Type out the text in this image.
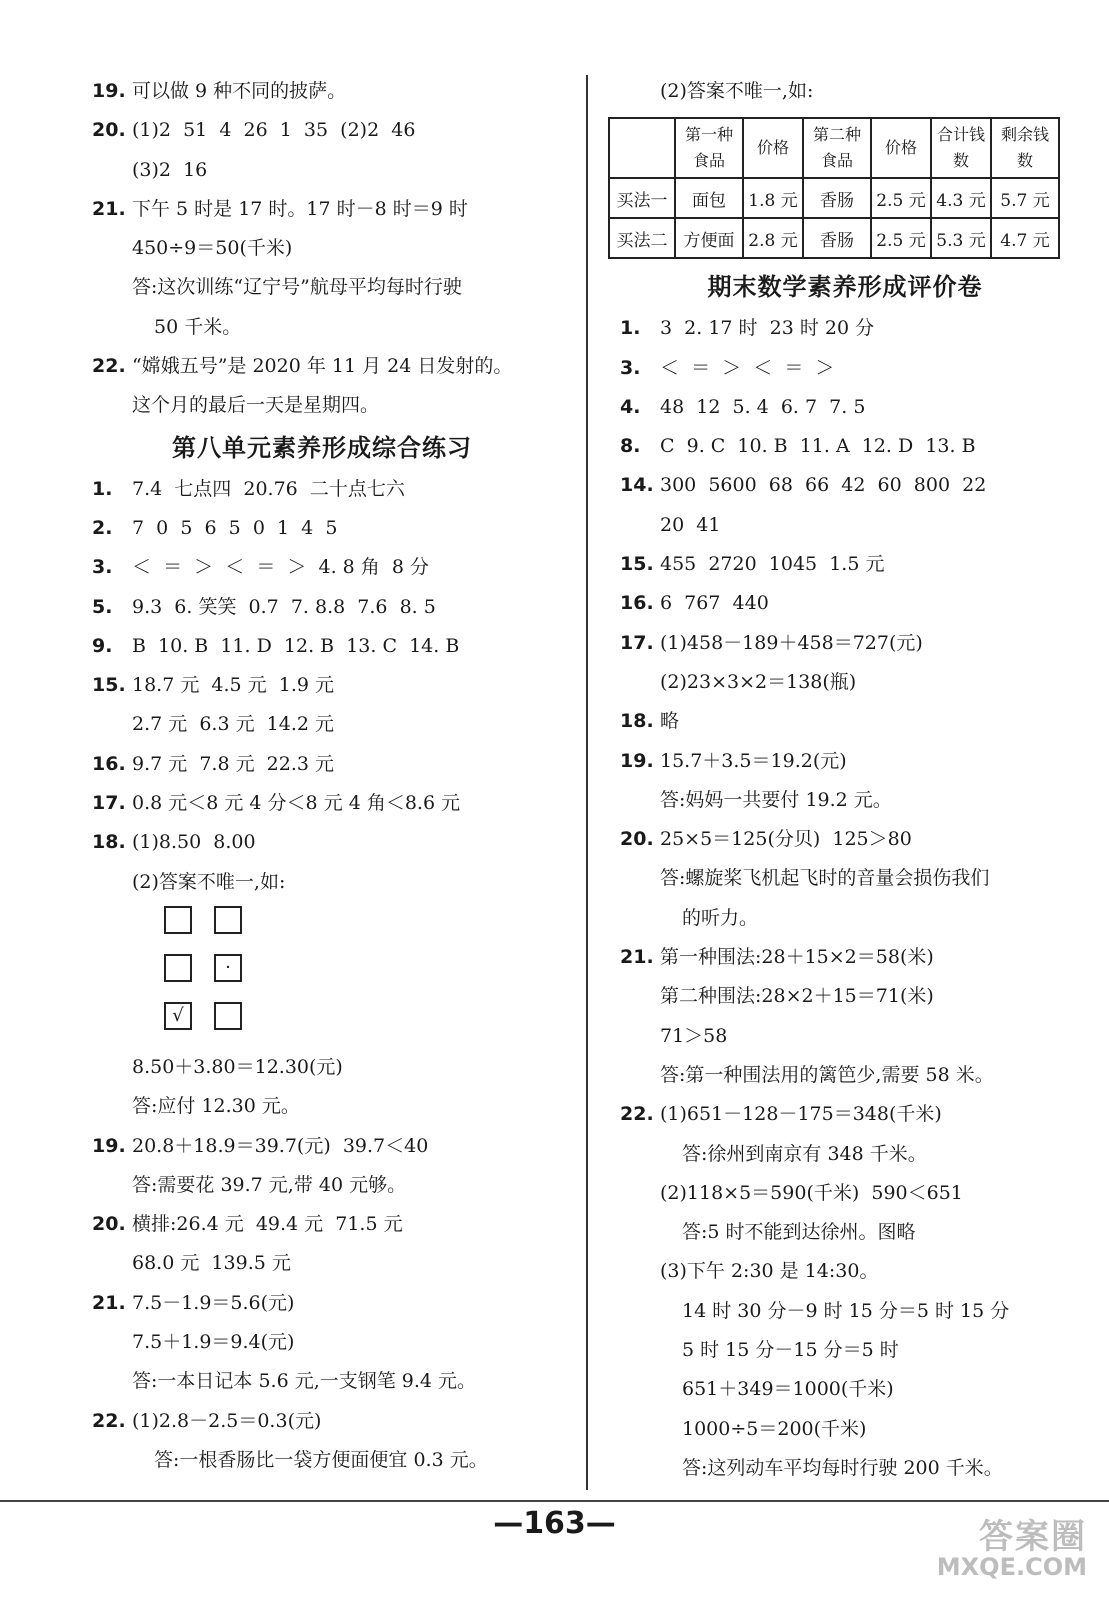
19. 可以做 9 种不同的披萨。
20. (1)2  51  4  26  1  35  (2)2  46
(3)2  16
21. 下午 5 时是 17 时。17 时－8 时＝9 时
450÷9＝50(千米)
答:这次训练“辽宁号”航母平均每时行驶
50 千米。
22. “嫦娥五号”是 2020 年 11 月 24 日发射的。
这个月的最后一天是星期四。
第八单元素养形成综合练习
1. 7.4  七点四  20.76  二十点七六
2. 7  0  5  6  5  0  1  4  5
3. ＜  ＝  ＞  ＜  ＝  ＞  4. 8 角  8 分
5. 9.3  6. 笑笑  0.7  7. 8.8  7.6  8. 5
9. B  10. B  11. D  12. B  13. C  14. B
15. 18.7 元  4.5 元  1.9 元
2.7 元  6.3 元  14.2 元
16. 9.7 元  7.8 元  22.3 元
17. 0.8 元＜8 元 4 分＜8 元 4 角＜8.6 元
18. (1)8.50  8.00
(2)答案不唯一,如:
·
√
8.50＋3.80＝12.30(元)
答:应付 12.30 元。
19. 20.8＋18.9＝39.7(元)  39.7＜40
答:需要花 39.7 元,带 40 元够。
20. 横排:26.4 元  49.4 元  71.5 元
68.0 元  139.5 元
21. 7.5－1.9＝5.6(元)
7.5＋1.9＝9.4(元)
答:一本日记本 5.6 元,一支钢笔 9.4 元。
22. (1)2.8－2.5＝0.3(元)
答:一根香肠比一袋方便面便宜 0.3 元。
(2)答案不唯一,如:
	第一种食品	价格	第二种食品	价格	合计钱数	剩余钱数
买法一	面包	1.8 元	香肠	2.5 元	4.3 元	5.7 元
买法二	方便面	2.8 元	香肠	2.5 元	5.3 元	4.7 元
期末数学素养形成评价卷
1. 3  2. 17 时  23 时 20 分
3. ＜  ＝  ＞  ＜  ＝  ＞
4. 48  12  5. 4  6. 7  7. 5
8. C  9. C  10. B  11. A  12. D  13. B
14. 300  5600  68  66  42  60  800  22
20  41
15. 455  2720  1045  1.5 元
16. 6  767  440
17. (1)458－189＋458＝727(元)
(2)23×3×2＝138(瓶)
18. 略
19. 15.7＋3.5＝19.2(元)
答:妈妈一共要付 19.2 元。
20. 25×5＝125(分贝)  125＞80
答:螺旋桨飞机起飞时的音量会损伤我们
的听力。
21. 第一种围法:28＋15×2＝58(米)
第二种围法:28×2＋15＝71(米)
71＞58
答:第一种围法用的篱笆少,需要 58 米。
22. (1)651－128－175＝348(千米)
答:徐州到南京有 348 千米。
(2)118×5＝590(千米)  590＜651
答:5 时不能到达徐州。图略
(3)下午 2:30 是 14:30。
14 时 30 分－9 时 15 分＝5 时 15 分
5 时 15 分－15 分＝5 时
651＋349＝1000(千米)
1000÷5＝200(千米)
答:这列动车平均每时行驶 200 千米。
—163—	答案圈
MXQE.COM
